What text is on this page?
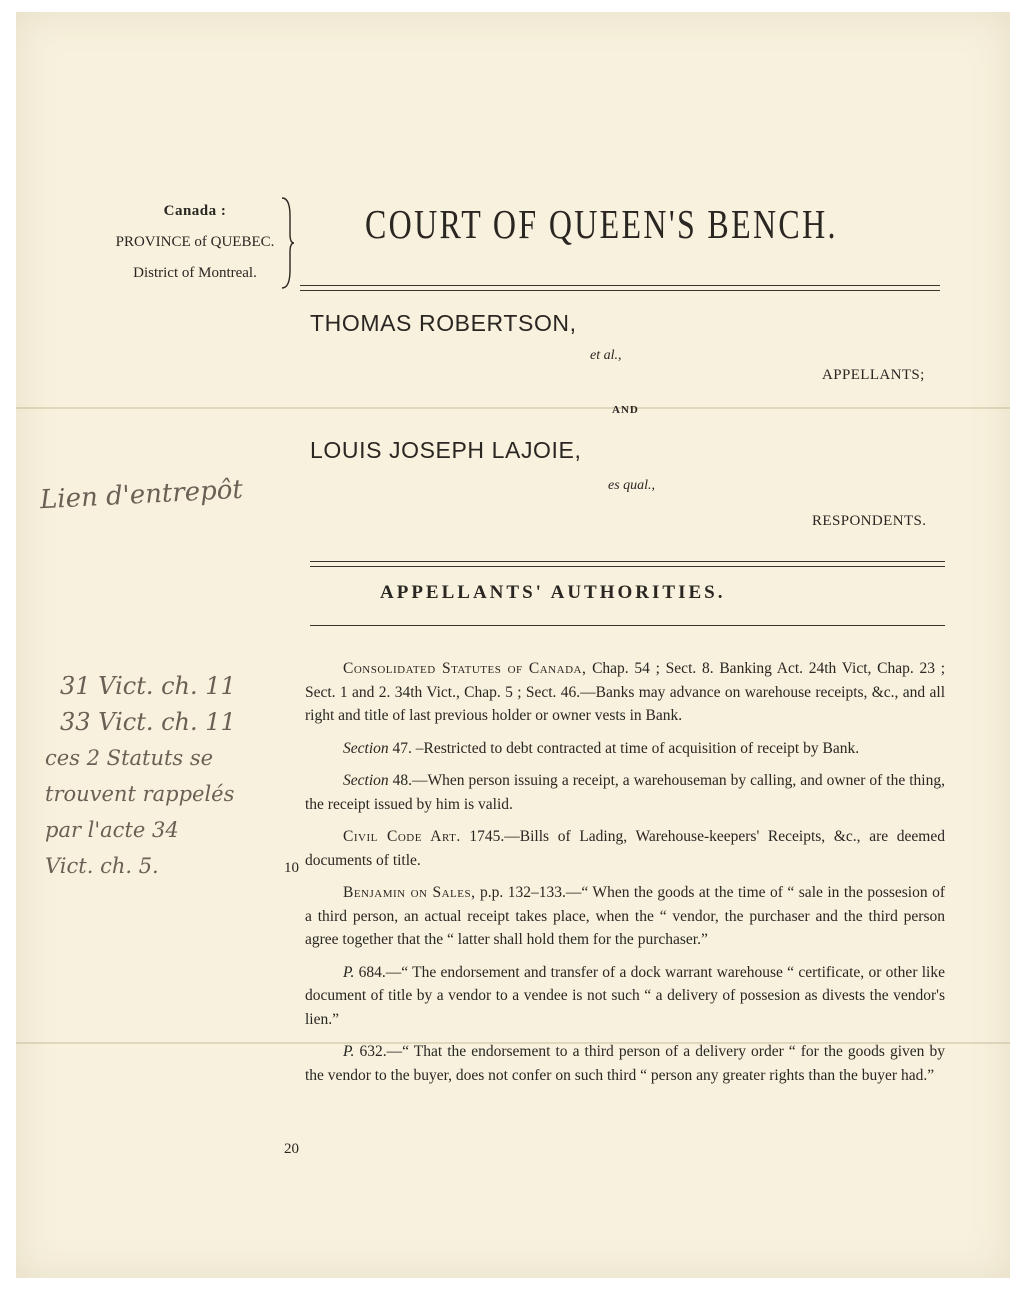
Canada :
PROVINCE of QUEBEC.
District of Montreal.
COURT OF QUEEN'S BENCH.
THOMAS ROBERTSON,
et al.,
APPELLANTS;
AND
LOUIS JOSEPH LAJOIE,
es qual.,
RESPONDENTS.
APPELLANTS' AUTHORITIES.

Consolidated Statutes of Canada, Chap. 54 ; Sect. 8. Banking Act. 24th Vict, Chap. 23 ; Sect. 1 and 2. 34th Vict., Chap. 5 ; Sect. 46.—Banks may advance on warehouse receipts, &c., and all right and title of last previous holder or owner vests in Bank.

Section 47. –Restricted to debt contracted at time of acquisition of receipt by Bank.

Section 48.—When person issuing a receipt, a warehouseman by calling, and owner of the thing, the receipt issued by him is valid.

Civil Code Art. 1745.—Bills of Lading, Warehouse-keepers' Receipts, &c., are deemed documents of title.

Benjamin on Sales, p.p. 132–133.—“ When the goods at the time of “ sale in the possesion of a third person, an actual receipt takes place, when the “ vendor, the purchaser and the third person agree together that the “ latter shall hold them for the purchaser.”

P. 684.—“ The endorsement and transfer of a dock warrant warehouse “ certificate, or other like document of title by a vendor to a vendee is not such “ a delivery of possesion as divests the vendor's lien.”

P. 632.—“ That the endorsement to a third person of a delivery order “ for the goods given by the vendor to the buyer, does not confer on such third “ person any greater rights than the buyer had.”

10
20
Lien d'entrepôt
31 Vict. ch. 11
33 Vict. ch. 11
ces 2 Statuts se
trouvent rappelés
par l'acte 34
Vict. ch. 5.
